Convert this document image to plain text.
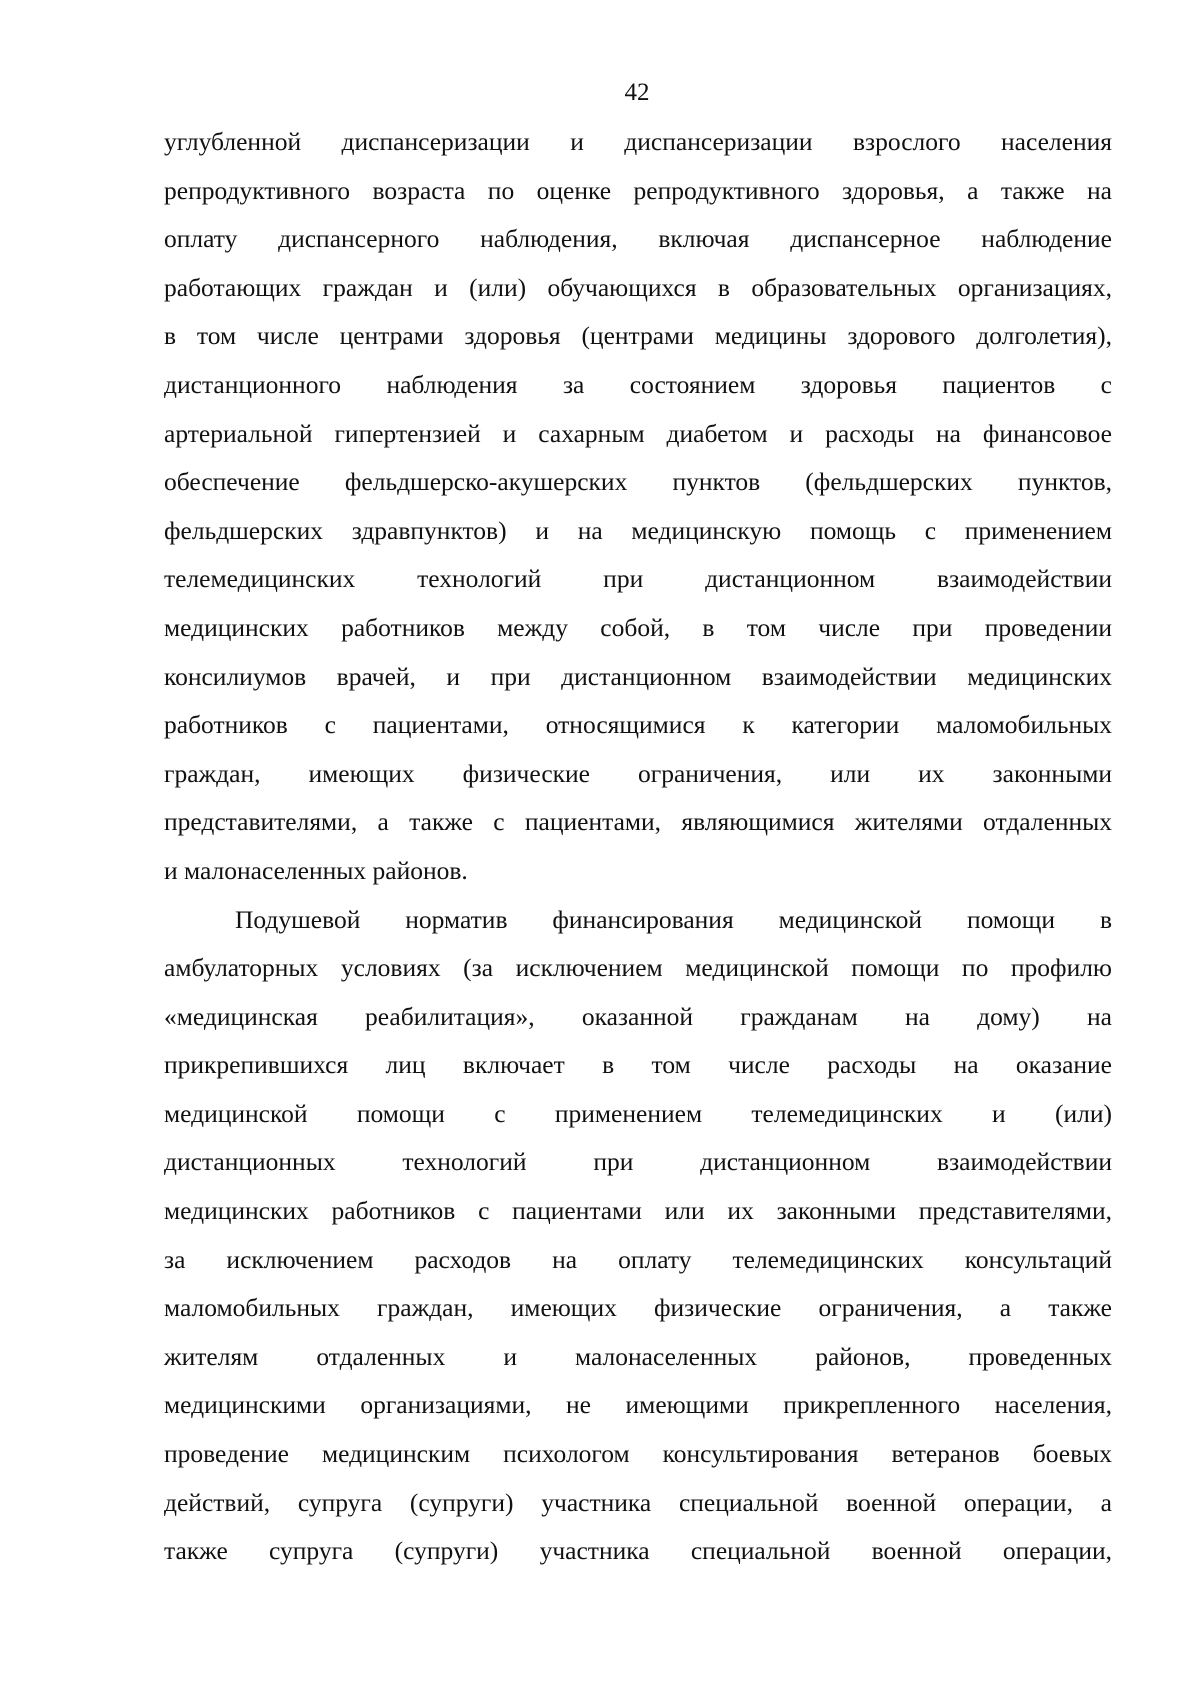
42
углубленной диспансеризации и диспансеризации взрослого населения
репродуктивного возраста по оценке репродуктивного здоровья, а также на
оплату диспансерного наблюдения, включая диспансерное наблюдение
работающих граждан и (или) обучающихся в образовательных организациях,
в том числе центрами здоровья (центрами медицины здорового долголетия),
дистанционного наблюдения за состоянием здоровья пациентов с
артериальной гипертензией и сахарным диабетом и расходы на финансовое
обеспечение фельдшерско-акушерских пунктов (фельдшерских пунктов,
фельдшерских здравпунктов) и на медицинскую помощь с применением
телемедицинских технологий при дистанционном взаимодействии
медицинских работников между собой, в том числе при проведении
консилиумов врачей, и при дистанционном взаимодействии медицинских
работников с пациентами, относящимися к категории маломобильных
граждан, имеющих физические ограничения, или их законными
представителями, а также с пациентами, являющимися жителями отдаленных
и малонаселенных районов.
Подушевой норматив финансирования медицинской помощи в
амбулаторных условиях (за исключением медицинской помощи по профилю
«медицинская реабилитация», оказанной гражданам на дому) на
прикрепившихся лиц включает в том числе расходы на оказание
медицинской помощи с применением телемедицинских и (или)
дистанционных технологий при дистанционном взаимодействии
медицинских работников с пациентами или их законными представителями,
за исключением расходов на оплату телемедицинских консультаций
маломобильных граждан, имеющих физические ограничения, а также
жителям отдаленных и малонаселенных районов, проведенных
медицинскими организациями, не имеющими прикрепленного населения,
проведение медицинским психологом консультирования ветеранов боевых
действий, супруга (супруги) участника специальной военной операции, а
также супруга (супруги) участника специальной военной операции,
